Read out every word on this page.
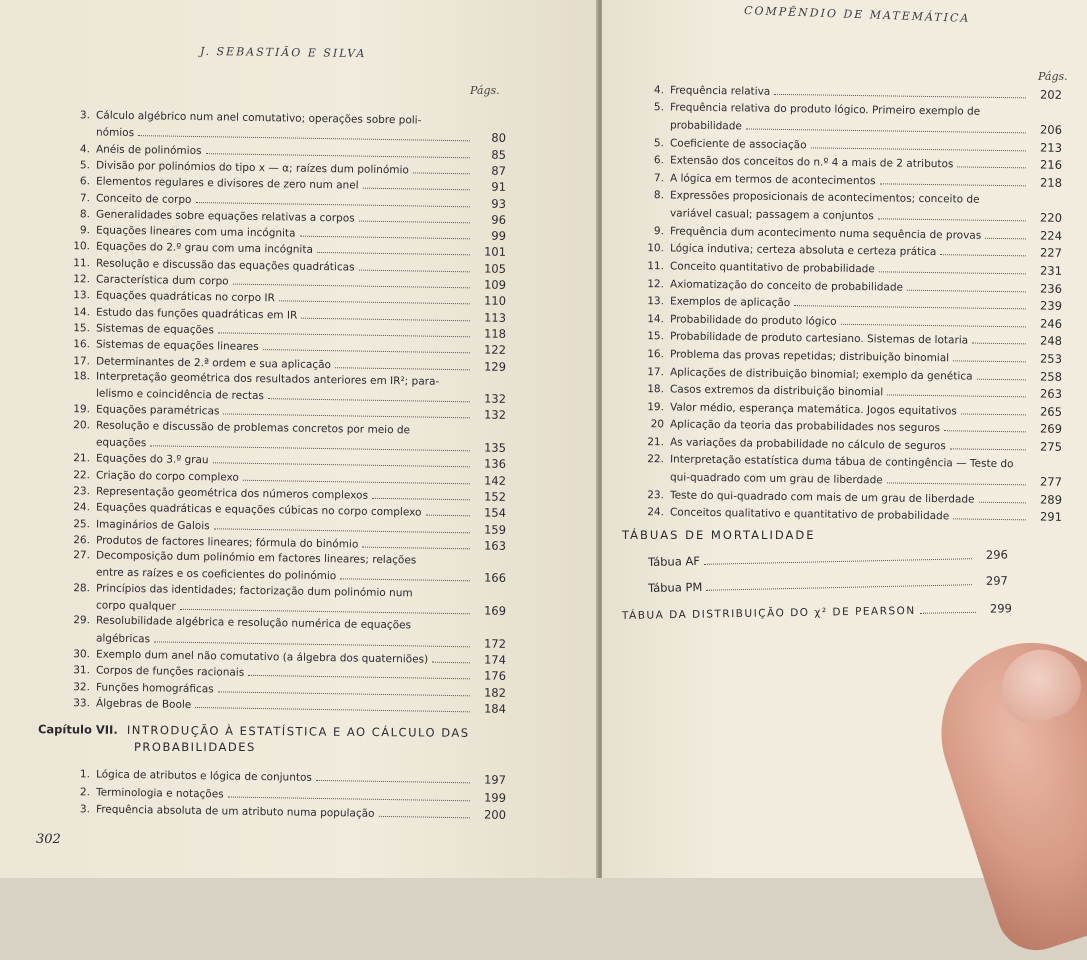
J. SEBASTIÃO E SILVA
Págs.
3. Cálculo algébrico num anel comutativo; operações sobre poli-
nómios	80
4. Anéis de polinómios	85
5. Divisão por polinómios do tipo x — α; raízes dum polinómio	87
6. Elementos regulares e divisores de zero num anel	91
7. Conceito de corpo	93
8. Generalidades sobre equações relativas a corpos	96
9. Equações lineares com uma incógnita	99
10. Equações do 2.º grau com uma incógnita	101
11. Resolução e discussão das equações quadráticas	105
12. Característica dum corpo	109
13. Equações quadráticas no corpo IR	110
14. Estudo das funções quadráticas em IR	113
15. Sistemas de equações	118
16. Sistemas de equações lineares	122
17. Determinantes de 2.ª ordem e sua aplicação	129
18. Interpretação geométrica dos resultados anteriores em IR²; para-
lelismo e coincidência de rectas	132
19. Equações paramétricas	132
20. Resolução e discussão de problemas concretos por meio de
equações	135
21. Equações do 3.º grau	136
22. Criação do corpo complexo	142
23. Representação geométrica dos números complexos	152
24. Equações quadráticas e equações cúbicas no corpo complexo	154
25. Imaginários de Galois	159
26. Produtos de factores lineares; fórmula do binómio	163
27. Decomposição dum polinómio em factores lineares; relações
entre as raízes e os coeficientes do polinómio	166
28. Princípios das identidades; factorização dum polinómio num
corpo qualquer	169
29. Resolubilidade algébrica e resolução numérica de equações
algébricas	172
30. Exemplo dum anel não comutativo (a álgebra dos quaterniões)	174
31. Corpos de funções racionais	176
32. Funções homográficas	182
33. Álgebras de Boole	184
Capítulo VII. INTRODUÇÃO À ESTATÍSTICA E AO CÁLCULO DAS
PROBABILIDADES
1. Lógica de atributos e lógica de conjuntos	197
2. Terminologia e notações	199
3. Frequência absoluta de um atributo numa população	200
302
COMPÊNDIO DE MATEMÁTICA
Págs.
4. Frequência relativa	202
5. Frequência relativa do produto lógico. Primeiro exemplo de
probabilidade	206
5. Coeficiente de associação	213
6. Extensão dos conceitos do n.º 4 a mais de 2 atributos	216
7. A lógica em termos de acontecimentos	218
8. Expressões proposicionais de acontecimentos; conceito de
variável casual; passagem a conjuntos	220
9. Frequência dum acontecimento numa sequência de provas	224
10. Lógica indutiva; certeza absoluta e certeza prática	227
11. Conceito quantitativo de probabilidade	231
12. Axiomatização do conceito de probabilidade	236
13. Exemplos de aplicação	239
14. Probabilidade do produto lógico	246
15. Probabilidade de produto cartesiano. Sistemas de lotaria	248
16. Problema das provas repetidas; distribuição binomial	253
17. Aplicações de distribuição binomial; exemplo da genética	258
18. Casos extremos da distribuição binomial	263
19. Valor médio, esperança matemática. Jogos equitativos	265
20 Aplicação da teoria das probabilidades nos seguros	269
21. As variações da probabilidade no cálculo de seguros	275
22. Interpretação estatística duma tábua de contingência — Teste do
qui-quadrado com um grau de liberdade	277
23. Teste do qui-quadrado com mais de um grau de liberdade	289
24. Conceitos qualitativo e quantitativo de probabilidade	291
TÁBUAS DE MORTALIDADE
Tábua AF	296
Tábua PM	297
TÁBUA DA DISTRIBUIÇÃO DO χ² DE PEARSON	299
